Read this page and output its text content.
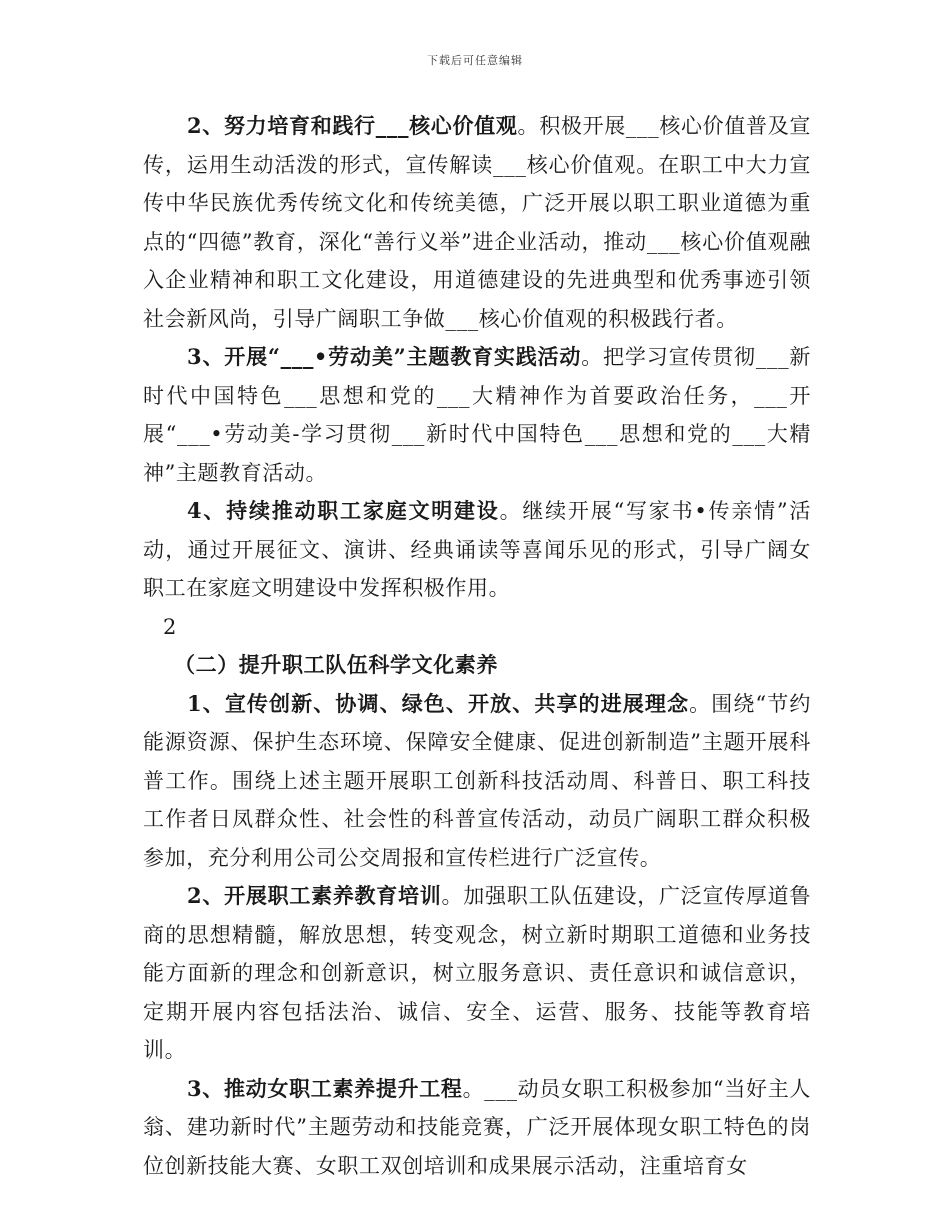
下载后可任意编辑

2、努力培育和践行___核心价值观。积极开展___核心价值普及宣传，运用生动活泼的形式，宣传解读___核心价值观。在职工中大力宣传中华民族优秀传统文化和传统美德，广泛开展以职工职业道德为重点的“四德”教育，深化“善行义举”进企业活动，推动___核心价值观融入企业精神和职工文化建设，用道德建设的先进典型和优秀事迹引领社会新风尚，引导广阔职工争做___核心价值观的积极践行者。

3、开展“___•劳动美”主题教育实践活动。把学习宣传贯彻___新时代中国特色___思想和党的___大精神作为首要政治任务，___开展“___•劳动美-学习贯彻___新时代中国特色___思想和党的___大精神”主题教育活动。

4、持续推动职工家庭文明建设。继续开展“写家书•传亲情”活动，通过开展征文、演讲、经典诵读等喜闻乐见的形式，引导广阔女职工在家庭文明建设中发挥积极作用。

2

（二）提升职工队伍科学文化素养

1、宣传创新、协调、绿色、开放、共享的进展理念。围绕“节约能源资源、保护生态环境、保障安全健康、促进创新制造”主题开展科普工作。围绕上述主题开展职工创新科技活动周、科普日、职工科技工作者日凤群众性、社会性的科普宣传活动，动员广阔职工群众积极参加，充分利用公司公交周报和宣传栏进行广泛宣传。

2、开展职工素养教育培训。加强职工队伍建设，广泛宣传厚道鲁商的思想精髓，解放思想，转变观念，树立新时期职工道德和业务技能方面新的理念和创新意识，树立服务意识、责任意识和诚信意识，定期开展内容包括法治、诚信、安全、运营、服务、技能等教育培训。

3、推动女职工素养提升工程。___动员女职工积极参加“当好主人翁、建功新时代”主题劳动和技能竞赛，广泛开展体现女职工特色的岗位创新技能大赛、女职工双创培训和成果展示活动，注重培育女
